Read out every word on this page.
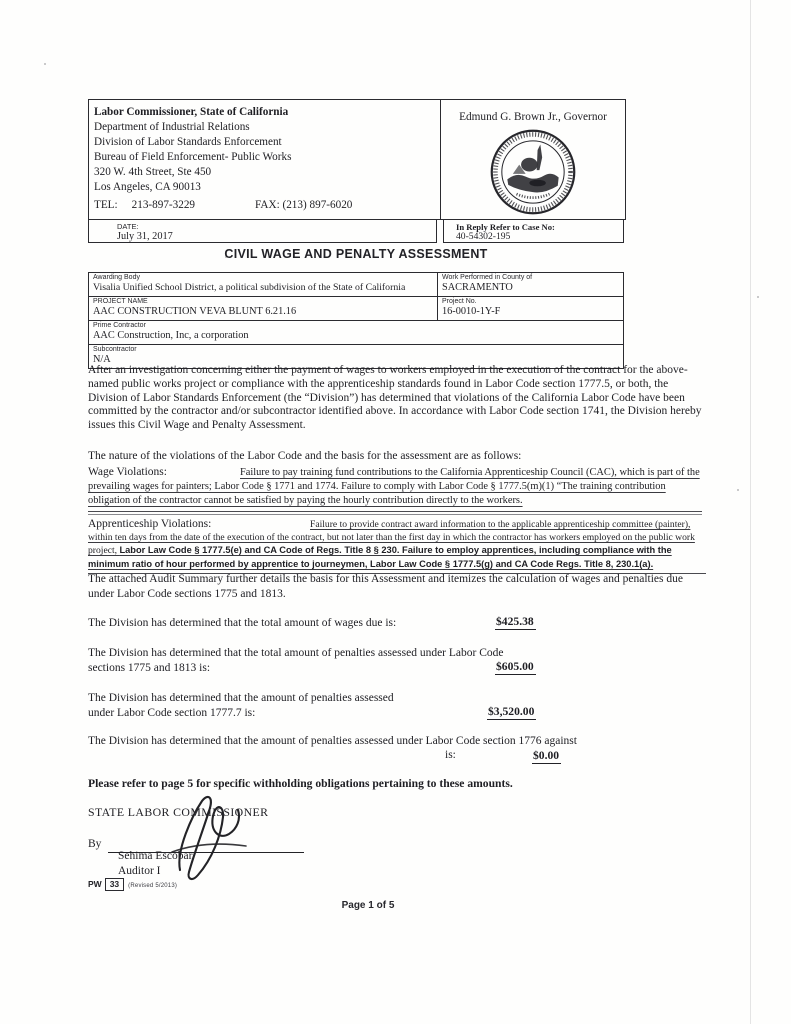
Labor Commissioner, State of California
Department of Industrial Relations
Division of Labor Standards Enforcement
Bureau of Field Enforcement- Public Works
320 W. 4th Street, Ste 450
Los Angeles, CA 90013
TEL: 213-897-3229	FAX: (213) 897-6020
Edmund G. Brown Jr., Governor
DATE:
July 31, 2017
In Reply Refer to Case No:
40-54302-195
CIVIL WAGE AND PENALTY ASSESSMENT
Awarding Body
Visalia Unified School District, a political subdivision of the State of California
Work Performed in County of
SACRAMENTO
PROJECT NAME
AAC CONSTRUCTION VEVA BLUNT 6.21.16
Project No.
16-0010-1Y-F
Prime Contractor
AAC Construction, Inc, a corporation
Subcontractor
N/A
After an investigation concerning either the payment of wages to workers employed in the execution of the contract for the above-named public works project or compliance with the apprenticeship standards found in Labor Code section 1777.5, or both, the Division of Labor Standards Enforcement (the “Division”) has determined that violations of the California Labor Code have been committed by the contractor and/or subcontractor identified above. In accordance with Labor Code section 1741, the Division hereby issues this Civil Wage and Penalty Assessment.
The nature of the violations of the Labor Code and the basis for the assessment are as follows:
Wage Violations:	Failure to pay training fund contributions to the California Apprenticeship Council (CAC), which is part of the prevailing wages for painters; Labor Code § 1771 and 1774. Failure to comply with Labor Code § 1777.5(m)(1) “The training contribution obligation of the contractor cannot be satisfied by paying the hourly contribution directly to the workers.
Apprenticeship Violations:	Failure to provide contract award information to the applicable apprenticeship committee (painter), within ten days from the date of the execution of the contract, but not later than the first day in which the contractor has workers employed on the public work project, Labor Law Code § 1777.5(e) and CA Code of Regs. Title 8 § 230. Failure to employ apprentices, including compliance with the minimum ratio of hour performed by apprentice to journeymen, Labor Law Code § 1777.5(g) and CA Code Regs. Title 8, 230.1(a).
The attached Audit Summary further details the basis for this Assessment and itemizes the calculation of wages and penalties due under Labor Code sections 1775 and 1813.
The Division has determined that the total amount of wages due is:	$425.38
The Division has determined that the total amount of penalties assessed under Labor Code
sections 1775 and 1813 is:	$605.00
The Division has determined that the amount of penalties assessed
under Labor Code section 1777.7 is:	$3,520.00
The Division has determined that the amount of penalties assessed under Labor Code section 1776 against
is:	$0.00
Please refer to page 5 for specific withholding obligations pertaining to these amounts.
STATE LABOR COMMISSIONER
By
Sehima Escobar
Auditor I
PW 33 (Revised 5/2013)
Page 1 of 5
